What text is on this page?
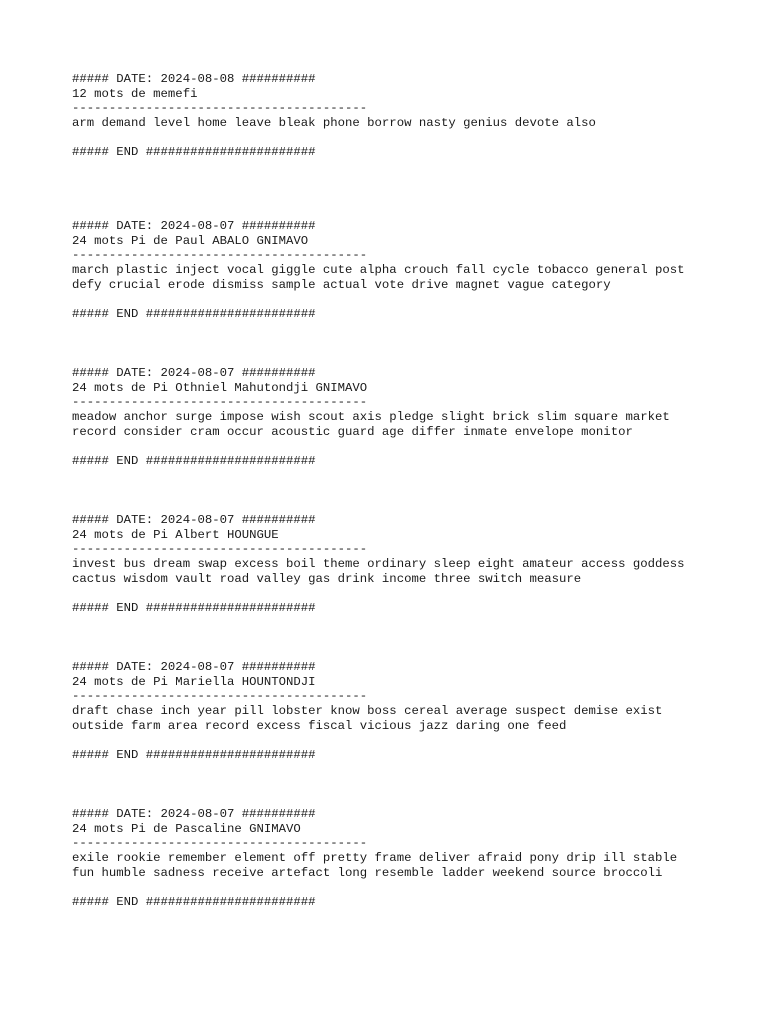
##### DATE: 2024-08-08 ##########
12 mots de memefi
----------------------------------------
arm demand level home leave bleak phone borrow nasty genius devote also
##### END #######################
##### DATE: 2024-08-07 ##########
24 mots Pi de Paul ABALO GNIMAVO
----------------------------------------
march plastic inject vocal giggle cute alpha crouch fall cycle tobacco general post
defy crucial erode dismiss sample actual vote drive magnet vague category
##### END #######################
##### DATE: 2024-08-07 ##########
24 mots de Pi Othniel Mahutondji GNIMAVO
----------------------------------------
meadow anchor surge impose wish scout axis pledge slight brick slim square market
record consider cram occur acoustic guard age differ inmate envelope monitor
##### END #######################
##### DATE: 2024-08-07 ##########
24 mots de Pi Albert HOUNGUE
----------------------------------------
invest bus dream swap excess boil theme ordinary sleep eight amateur access goddess
cactus wisdom vault road valley gas drink income three switch measure
##### END #######################
##### DATE: 2024-08-07 ##########
24 mots de Pi Mariella HOUNTONDJI
----------------------------------------
draft chase inch year pill lobster know boss cereal average suspect demise exist
outside farm area record excess fiscal vicious jazz daring one feed
##### END #######################
##### DATE: 2024-08-07 ##########
24 mots Pi de Pascaline GNIMAVO
----------------------------------------
exile rookie remember element off pretty frame deliver afraid pony drip ill stable
fun humble sadness receive artefact long resemble ladder weekend source broccoli
##### END #######################
